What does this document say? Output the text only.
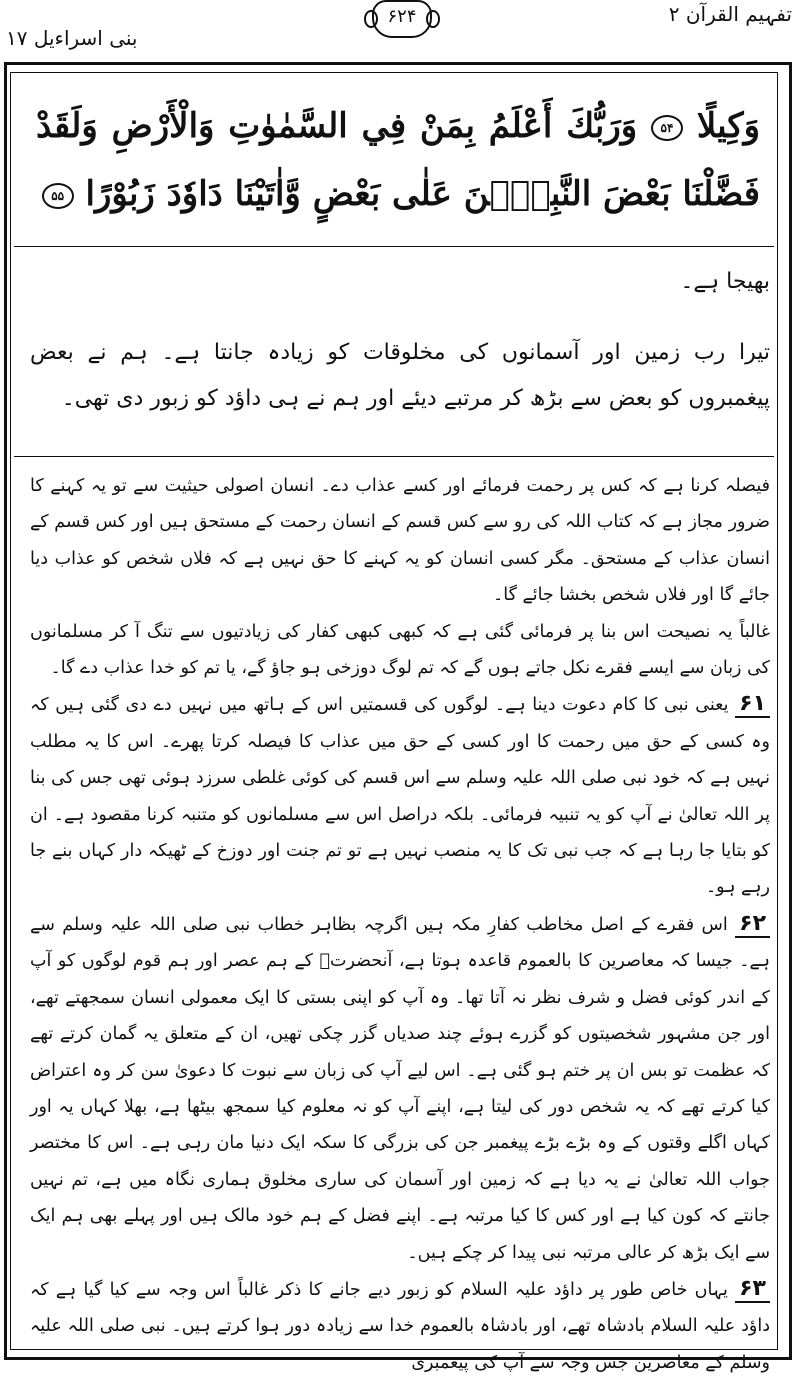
بنی اسراءیل ۱۷
۶۲۴	تفہیم القرآن ۲

وَكِيلًا ۵۴ وَرَبُّكَ أَعْلَمُ بِمَنْ فِي السَّمٰوٰتِ وَالْأَرْضِ وَلَقَدْ فَضَّلْنَا بَعْضَ النَّبِيّٖنَ عَلٰى بَعْضٍ وَّاٰتَيْنَا دَاوٗدَ زَبُوْرًا ۵۵

بھیجا ہے۔
تیرا رب زمین اور آسمانوں کی مخلوقات کو زیادہ جانتا ہے۔ ہم نے بعض پیغمبروں کو بعض سے بڑھ کر مرتبے دیئے اور ہم نے ہی داؤد کو زبور دی تھی۔

فیصلہ کرنا ہے کہ کس پر رحمت فرمائے اور کسے عذاب دے۔ انسان اصولی حیثیت سے تو یہ کہنے کا ضرور مجاز ہے کہ کتاب اللہ کی رو سے کس قسم کے انسان رحمت کے مستحق ہیں اور کس قسم کے انسان عذاب کے مستحق۔ مگر کسی انسان کو یہ کہنے کا حق نہیں ہے کہ فلاں شخص کو عذاب دیا جائے گا اور فلاں شخص بخشا جائے گا۔

غالباً یہ نصیحت اس بنا پر فرمائی گئی ہے کہ کبھی کبھی کفار کی زیادتیوں سے تنگ آ کر مسلمانوں کی زبان سے ایسے فقرے نکل جاتے ہوں گے کہ تم لوگ دوزخی ہو جاؤ گے، یا تم کو خدا عذاب دے گا۔

۶۱ یعنی نبی کا کام دعوت دینا ہے۔ لوگوں کی قسمتیں اس کے ہاتھ میں نہیں دے دی گئی ہیں کہ وہ کسی کے حق میں رحمت کا اور کسی کے حق میں عذاب کا فیصلہ کرتا پھرے۔ اس کا یہ مطلب نہیں ہے کہ خود نبی صلی اللہ علیہ وسلم سے اس قسم کی کوئی غلطی سرزد ہوئی تھی جس کی بنا پر اللہ تعالیٰ نے آپ کو یہ تنبیہ فرمائی۔ بلکہ دراصل اس سے مسلمانوں کو متنبہ کرنا مقصود ہے۔ ان کو بتایا جا رہا ہے کہ جب نبی تک کا یہ منصب نہیں ہے تو تم جنت اور دوزخ کے ٹھیکہ دار کہاں بنے جا رہے ہو۔

۶۲ اس فقرے کے اصل مخاطب کفارِ مکہ ہیں اگرچہ بظاہر خطاب نبی صلی اللہ علیہ وسلم سے ہے۔ جیسا کہ معاصرین کا بالعموم قاعدہ ہوتا ہے، آنحضرتؐ کے ہم عصر اور ہم قوم لوگوں کو آپ کے اندر کوئی فضل و شرف نظر نہ آتا تھا۔ وہ آپ کو اپنی بستی کا ایک معمولی انسان سمجھتے تھے، اور جن مشہور شخصیتوں کو گزرے ہوئے چند صدیاں گزر چکی تھیں، ان کے متعلق یہ گمان کرتے تھے کہ عظمت تو بس ان پر ختم ہو گئی ہے۔ اس لیے آپ کی زبان سے نبوت کا دعویٰ سن کر وہ اعتراض کیا کرتے تھے کہ یہ شخص دور کی لیتا ہے، اپنے آپ کو نہ معلوم کیا سمجھ بیٹھا ہے، بھلا کہاں یہ اور کہاں اگلے وقتوں کے وہ بڑے بڑے پیغمبر جن کی بزرگی کا سکہ ایک دنیا مان رہی ہے۔ اس کا مختصر جواب اللہ تعالیٰ نے یہ دیا ہے کہ زمین اور آسمان کی ساری مخلوق ہماری نگاہ میں ہے، تم نہیں جانتے کہ کون کیا ہے اور کس کا کیا مرتبہ ہے۔ اپنے فضل کے ہم خود مالک ہیں اور پہلے بھی ہم ایک سے ایک بڑھ کر عالی مرتبہ نبی پیدا کر چکے ہیں۔

۶۳ یہاں خاص طور پر داؤد علیہ السلام کو زبور دیے جانے کا ذکر غالباً اس وجہ سے کیا گیا ہے کہ داؤد علیہ السلام بادشاہ تھے، اور بادشاہ بالعموم خدا سے زیادہ دور ہوا کرتے ہیں۔ نبی صلی اللہ علیہ وسلم کے معاصرین جس وجہ سے آپ کی پیغمبری
